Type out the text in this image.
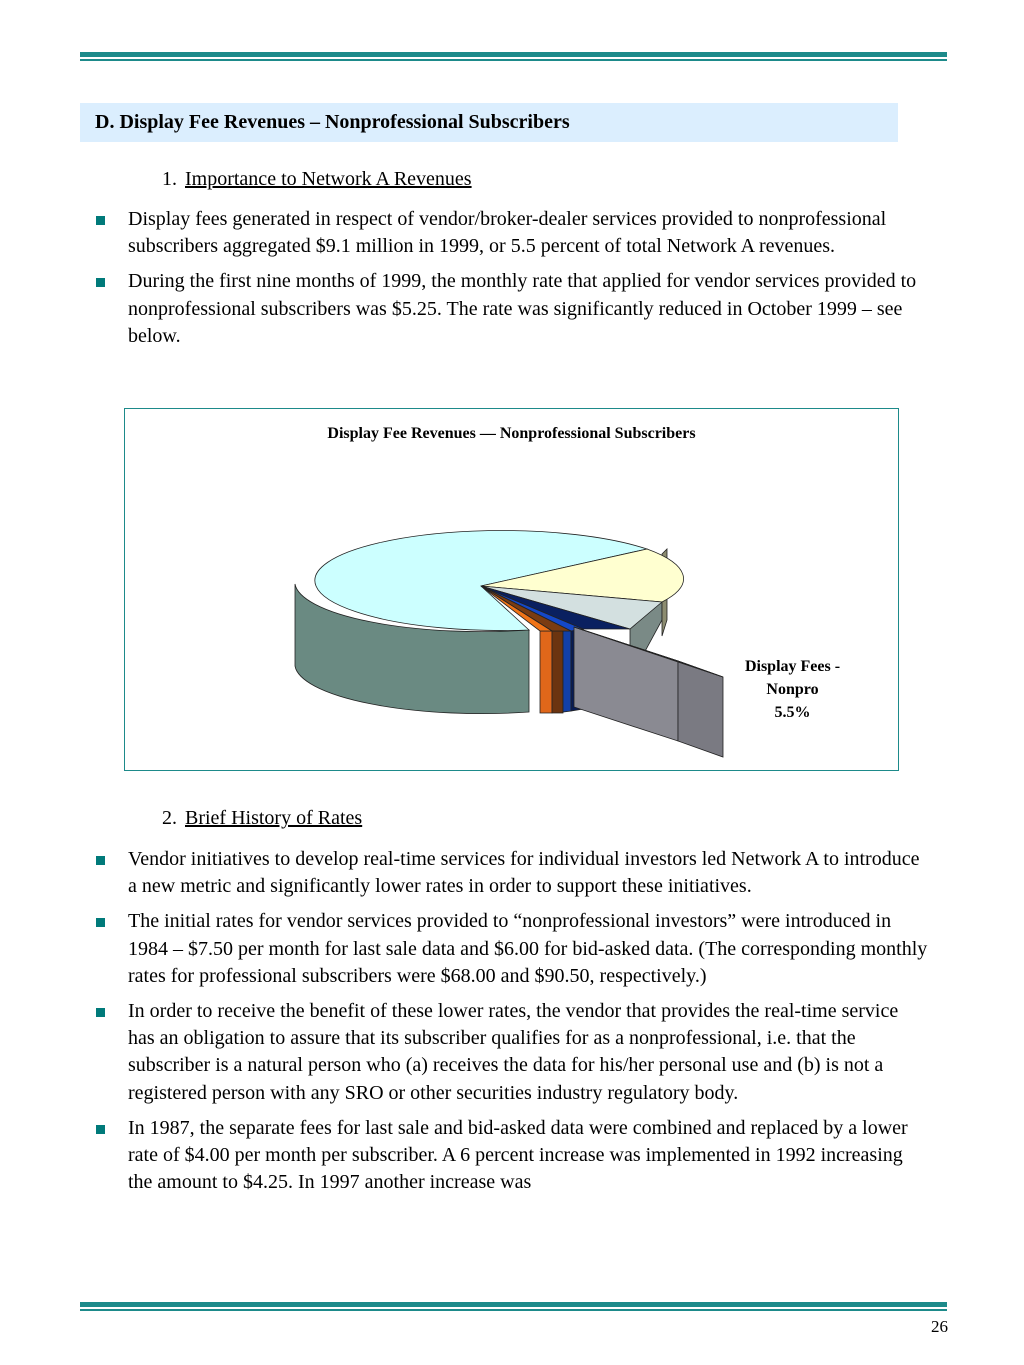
D. Display Fee Revenues – Nonprofessional Subscribers
1. Importance to Network A Revenues
Display fees generated in respect of vendor/broker-dealer services provided to nonprofessional subscribers aggregated $9.1 million in 1999, or 5.5 percent of total Network A revenues.
During the first nine months of 1999, the monthly rate that applied for vendor services provided to nonprofessional subscribers was $5.25. The rate was significantly reduced in October 1999 – see below.
Display Fee Revenues — Nonprofessional Subscribers
Display Fees -
Nonpro
5.5%
2. Brief History of Rates
Vendor initiatives to develop real-time services for individual investors led Network A to introduce a new metric and significantly lower rates in order to support these initiatives.
The initial rates for vendor services provided to “nonprofessional investors” were introduced in 1984 – $7.50 per month for last sale data and $6.00 for bid-asked data. (The corresponding monthly rates for professional subscribers were $68.00 and $90.50, respectively.)
In order to receive the benefit of these lower rates, the vendor that provides the real-time service has an obligation to assure that its subscriber qualifies for as a nonprofessional, i.e. that the subscriber is a natural person who (a) receives the data for his/her personal use and (b) is not a registered person with any SRO or other securities industry regulatory body.
In 1987, the separate fees for last sale and bid-asked data were combined and replaced by a lower rate of $4.00 per month per subscriber. A 6 percent increase was implemented in 1992 increasing the amount to $4.25. In 1997 another increase was
26
